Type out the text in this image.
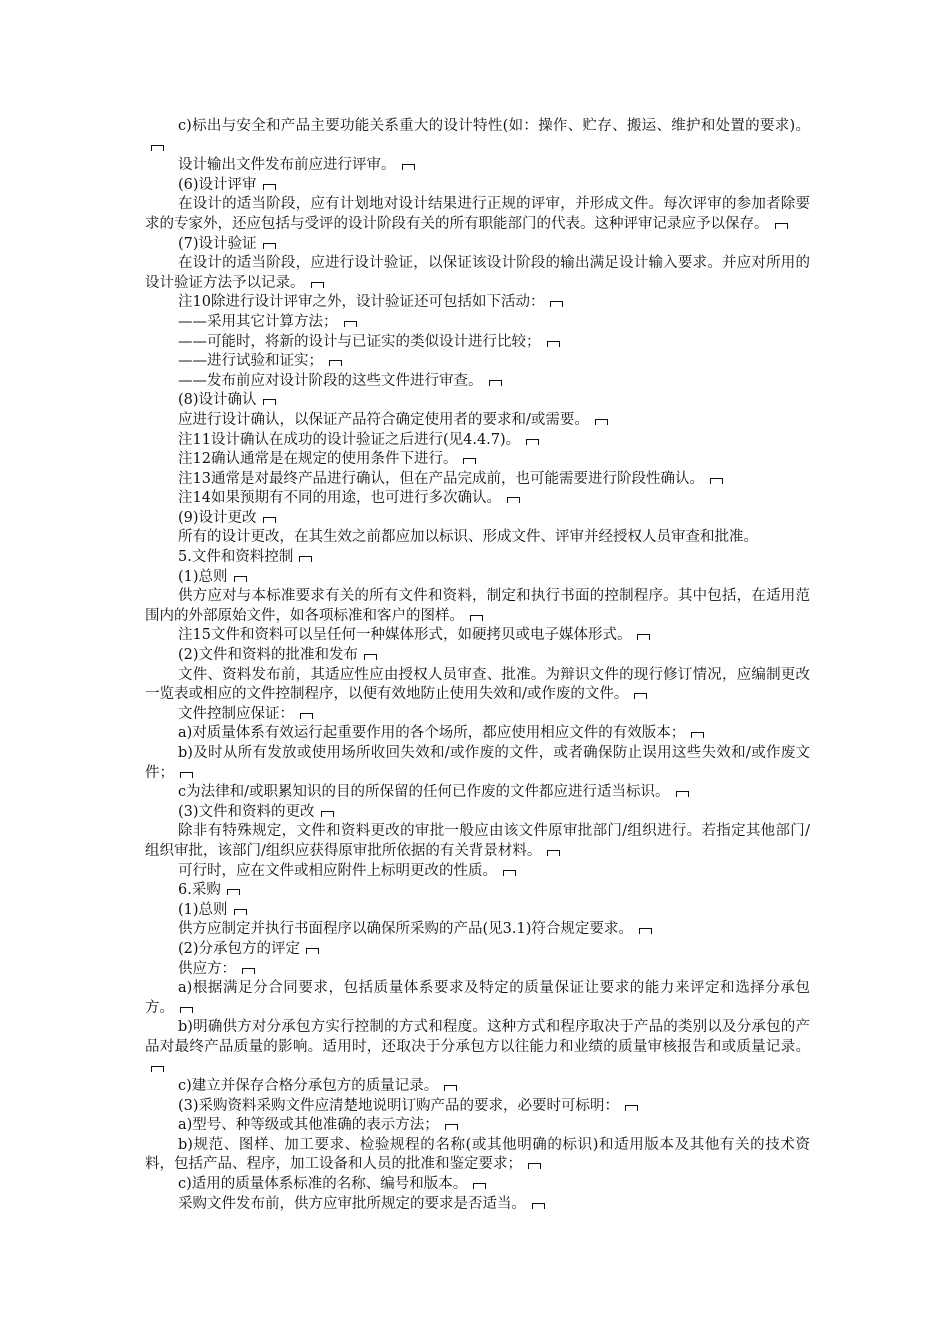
c)标出与安全和产品主要功能关系重大的设计特性(如：操作、贮存、搬运、维护和处置的要求)。

设计输出文件发布前应进行评审。

(6)设计评审

在设计的适当阶段，应有计划地对设计结果进行正规的评审，并形成文件。每次评审的参加者除要求的专家外，还应包括与受评的设计阶段有关的所有职能部门的代表。这种评审记录应予以保存。

(7)设计验证

在设计的适当阶段，应进行设计验证，以保证该设计阶段的输出满足设计输入要求。并应对所用的设计验证方法予以记录。

注10除进行设计评审之外，设计验证还可包括如下活动：

——采用其它计算方法；

——可能时，将新的设计与已证实的类似设计进行比较；

——进行试验和证实；

——发布前应对设计阶段的这些文件进行审查。

(8)设计确认

应进行设计确认，以保证产品符合确定使用者的要求和/或需要。

注11设计确认在成功的设计验证之后进行(见4.4.7)。

注12确认通常是在规定的使用条件下进行。

注13通常是对最终产品进行确认，但在产品完成前，也可能需要进行阶段性确认。

注14如果预期有不同的用途，也可进行多次确认。

(9)设计更改

所有的设计更改，在其生效之前都应加以标识、形成文件、评审并经授权人员审查和批准。

5.文件和资料控制

(1)总则

供方应对与本标准要求有关的所有文件和资料，制定和执行书面的控制程序。其中包括，在适用范围内的外部原始文件，如各项标准和客户的图样。

注15文件和资料可以呈任何一种媒体形式，如硬拷贝或电子媒体形式。

(2)文件和资料的批准和发布

文件、资料发布前，其适应性应由授权人员审查、批准。为辩识文件的现行修订情况，应编制更改一览表或相应的文件控制程序，以便有效地防止使用失效和/或作废的文件。

文件控制应保证：

a)对质量体系有效运行起重要作用的各个场所，都应使用相应文件的有效版本；

b)及时从所有发放或使用场所收回失效和/或作废的文件，或者确保防止误用这些失效和/或作废文件；

c为法律和/或职累知识的目的所保留的任何已作废的文件都应进行适当标识。

(3)文件和资料的更改

除非有特殊规定，文件和资料更改的审批一般应由该文件原审批部门/组织进行。若指定其他部门/组织审批，该部门/组织应获得原审批所依据的有关背景材料。

可行时，应在文件或相应附件上标明更改的性质。

6.采购

(1)总则

供方应制定并执行书面程序以确保所采购的产品(见3.1)符合规定要求。

(2)分承包方的评定

供应方：

a)根据满足分合同要求，包括质量体系要求及特定的质量保证让要求的能力来评定和选择分承包方。

b)明确供方对分承包方实行控制的方式和程度。这种方式和程序取决于产品的类别以及分承包的产品对最终产品质量的影响。适用时，还取决于分承包方以往能力和业绩的质量审核报告和或质量记录。

c)建立并保存合格分承包方的质量记录。

(3)采购资料采购文件应清楚地说明订购产品的要求，必要时可标明：

a)型号、种等级或其他准确的表示方法；

b)规范、图样、加工要求、检验规程的名称(或其他明确的标识)和适用版本及其他有关的技术资料，包括产品、程序，加工设备和人员的批准和鉴定要求；

c)适用的质量体系标准的名称、编号和版本。

采购文件发布前，供方应审批所规定的要求是否适当。
